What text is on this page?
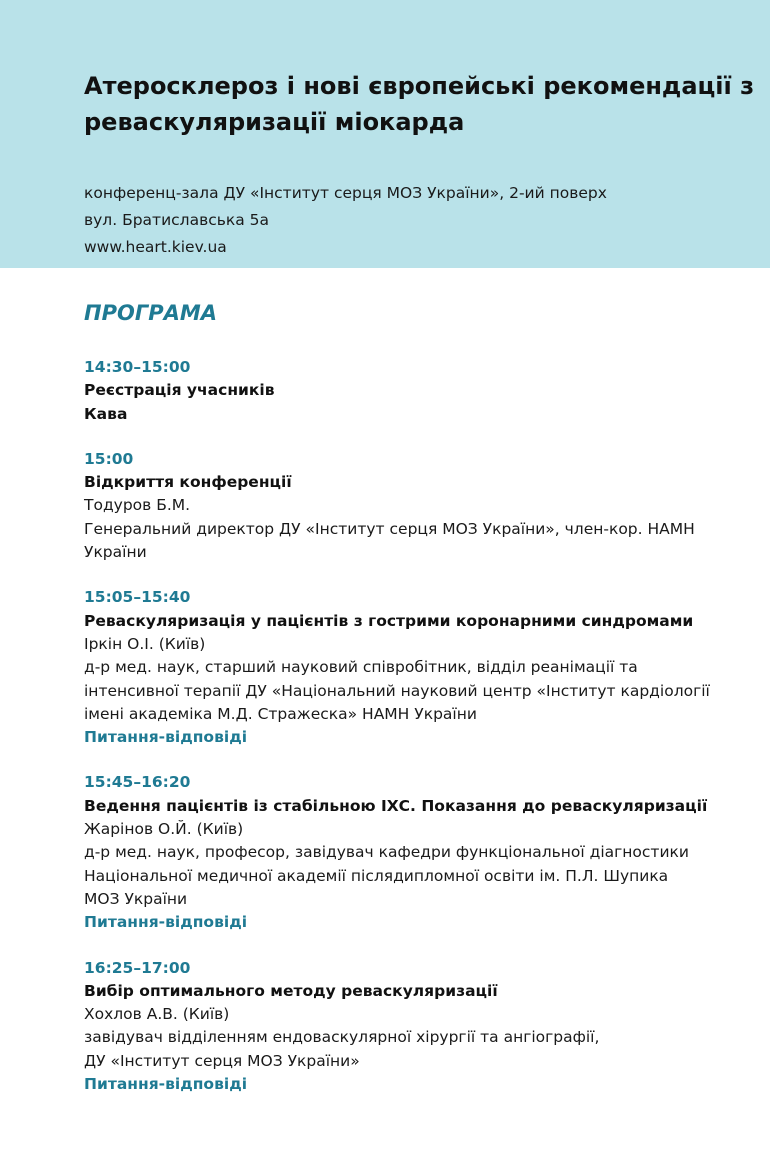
Атеросклероз і нові європейські рекомендації з
реваскуляризації міокарда
конференц-зала ДУ «Інститут серця МОЗ України», 2-ий поверх
вул. Братиславська 5а
www.heart.kiev.ua
ПРОГРАМА
14:30–15:00
Реєстрація учасників
Кава
15:00
Відкриття конференції
Тодуров Б.М.
Генеральний директор ДУ «Інститут серця МОЗ України», член-кор. НАМН
України
15:05–15:40
Реваскуляризація у пацієнтів з гострими коронарними синдромами
Іркін О.І. (Київ)
д-р мед. наук, старший науковий співробітник, відділ реанімації та
інтенсивної терапії ДУ «Національний науковий центр «Інститут кардіології
імені академіка М.Д. Стражеска» НАМН України
Питання-відповіді
15:45–16:20
Ведення пацієнтів із стабільною ІХС. Показання до реваскуляризації
Жарінов О.Й. (Київ)
д-р мед. наук, професор, завідувач кафедри функціональної діагностики
Національної медичної академії післядипломної освіти ім. П.Л. Шупика
МОЗ України
Питання-відповіді
16:25–17:00
Вибір оптимального методу реваскуляризації
Хохлов А.В. (Київ)
завідувач відділенням ендоваскулярної хірургії та ангіографії,
ДУ «Інститут серця МОЗ України»
Питання-відповіді
